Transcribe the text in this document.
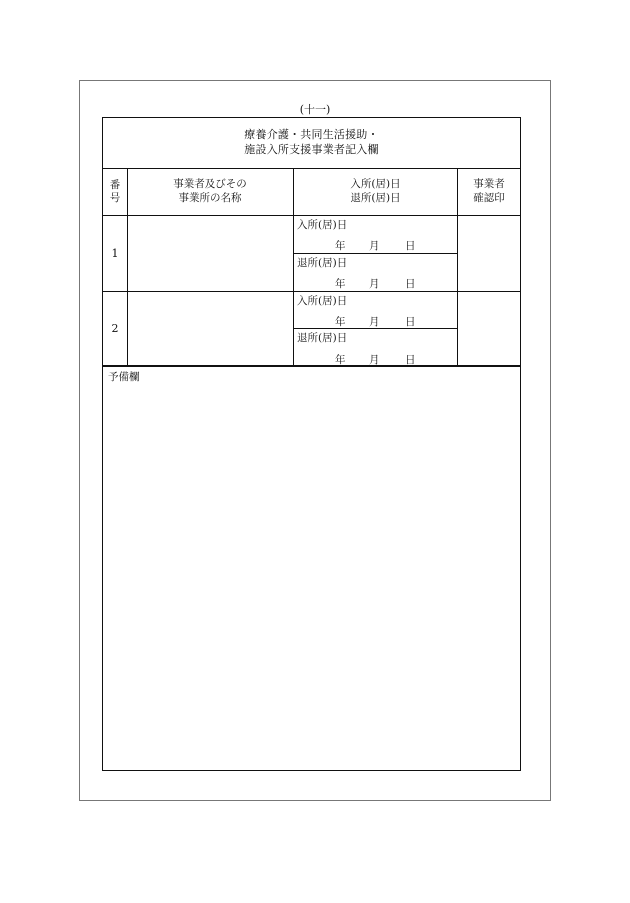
(十一)
療養介護・共同生活援助・
施設入所支援事業者記入欄
番号
事業者及びその
事業所の名称
入所(居)日
退所(居)日
事業者
確認印
1
入所(居)日
年 月 日
退所(居)日
年 月 日
2
入所(居)日
年 月 日
退所(居)日
年 月 日
予備欄
